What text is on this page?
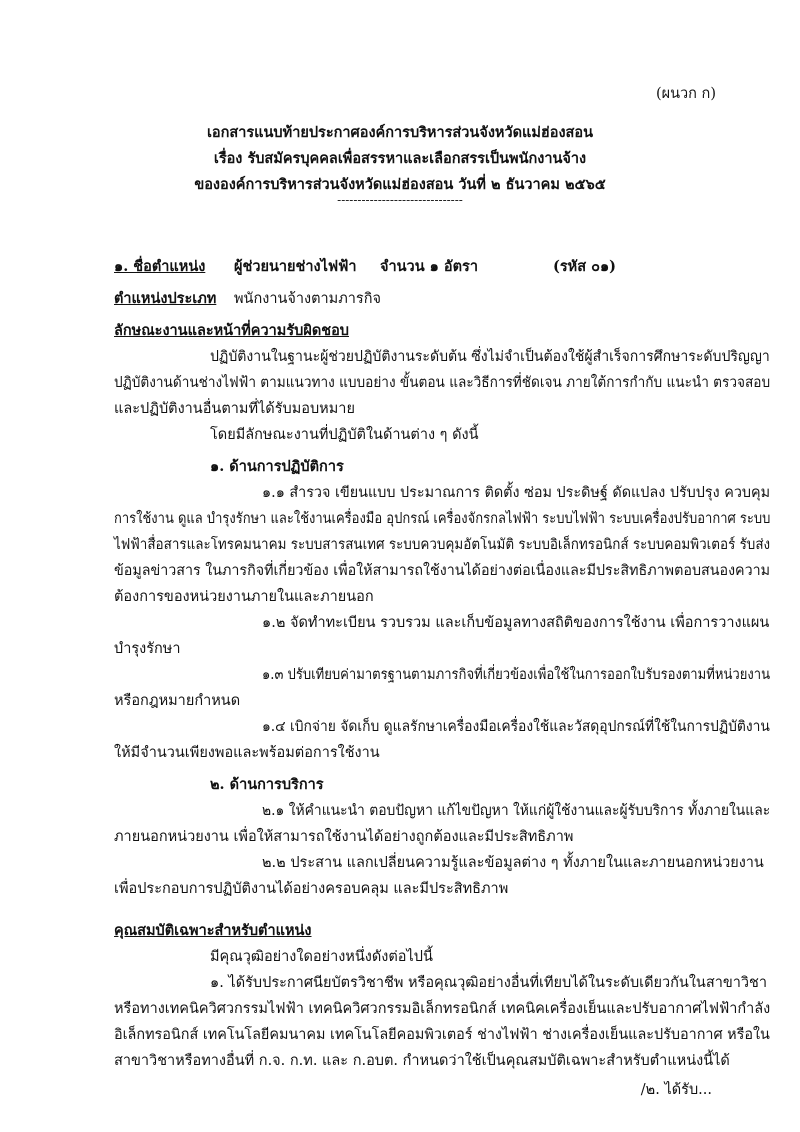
(ผนวก ก)
เอกสารแนบท้ายประกาศองค์การบริหารส่วนจังหวัดแม่ฮ่องสอน
เรื่อง รับสมัครบุคคลเพื่อสรรหาและเลือกสรรเป็นพนักงานจ้าง
ขององค์การบริหารส่วนจังหวัดแม่ฮ่องสอน วันที่ ๒ ธันวาคม ๒๕๖๕
-------------------------------
๑. ชื่อตำแหน่ง ผู้ช่วยนายช่างไฟฟ้า จำนวน ๑ อัตรา	(รหัส ๐๑)
ตำแหน่งประเภท พนักงานจ้างตามภารกิจ
ลักษณะงานและหน้าที่ความรับผิดชอบ
ปฏิบัติงานในฐานะผู้ช่วยปฏิบัติงานระดับต้น ซึ่งไม่จำเป็นต้องใช้ผู้สำเร็จการศึกษาระดับปริญญา
ปฏิบัติงานด้านช่างไฟฟ้า ตามแนวทาง แบบอย่าง ขั้นตอน และวิธีการที่ชัดเจน ภายใต้การกำกับ แนะนำ ตรวจสอบ
และปฏิบัติงานอื่นตามที่ได้รับมอบหมาย
โดยมีลักษณะงานที่ปฏิบัติในด้านต่าง ๆ ดังนี้
๑. ด้านการปฏิบัติการ
๑.๑ สำรวจ เขียนแบบ ประมาณการ ติดตั้ง ซ่อม ประดิษฐ์ ดัดแปลง ปรับปรุง ควบคุม
การใช้งาน ดูแล บำรุงรักษา และใช้งานเครื่องมือ อุปกรณ์ เครื่องจักรกลไฟฟ้า ระบบไฟฟ้า ระบบเครื่องปรับอากาศ ระบบ
ไฟฟ้าสื่อสารและโทรคมนาคม ระบบสารสนเทศ ระบบควบคุมอัตโนมัติ ระบบอิเล็กทรอนิกส์ ระบบคอมพิวเตอร์ รับส่ง
ข้อมูลข่าวสาร ในภารกิจที่เกี่ยวข้อง เพื่อให้สามารถใช้งานได้อย่างต่อเนื่องและมีประสิทธิภาพตอบสนองความ
ต้องการของหน่วยงานภายในและภายนอก
๑.๒ จัดทำทะเบียน รวบรวม และเก็บข้อมูลทางสถิติของการใช้งาน เพื่อการวางแผน
บำรุงรักษา
๑.๓ ปรับเทียบค่ามาตรฐานตามภารกิจที่เกี่ยวข้องเพื่อใช้ในการออกใบรับรองตามที่หน่วยงาน
หรือกฎหมายกำหนด
๑.๔ เบิกจ่าย จัดเก็บ ดูแลรักษาเครื่องมือเครื่องใช้และวัสดุอุปกรณ์ที่ใช้ในการปฏิบัติงาน
ให้มีจำนวนเพียงพอและพร้อมต่อการใช้งาน
๒. ด้านการบริการ
๒.๑ ให้คำแนะนำ ตอบปัญหา แก้ไขปัญหา ให้แก่ผู้ใช้งานและผู้รับบริการ ทั้งภายในและ
ภายนอกหน่วยงาน เพื่อให้สามารถใช้งานได้อย่างถูกต้องและมีประสิทธิภาพ
๒.๒ ประสาน แลกเปลี่ยนความรู้และข้อมูลต่าง ๆ ทั้งภายในและภายนอกหน่วยงาน
เพื่อประกอบการปฏิบัติงานได้อย่างครอบคลุม และมีประสิทธิภาพ
คุณสมบัติเฉพาะสำหรับตำแหน่ง
มีคุณวุฒิอย่างใดอย่างหนึ่งดังต่อไปนี้
๑. ได้รับประกาศนียบัตรวิชาชีพ หรือคุณวุฒิอย่างอื่นที่เทียบได้ในระดับเดียวกันในสาขาวิชา
หรือทางเทคนิควิศวกรรมไฟฟ้า เทคนิควิศวกรรมอิเล็กทรอนิกส์ เทคนิคเครื่องเย็นและปรับอากาศไฟฟ้ากำลัง
อิเล็กทรอนิกส์ เทคโนโลยีคมนาคม เทคโนโลยีคอมพิวเตอร์ ช่างไฟฟ้า ช่างเครื่องเย็นและปรับอากาศ หรือใน
สาขาวิชาหรือทางอื่นที่ ก.จ. ก.ท. และ ก.อบต. กำหนดว่าใช้เป็นคุณสมบัติเฉพาะสำหรับตำแหน่งนี้ได้
/๒. ได้รับ...
